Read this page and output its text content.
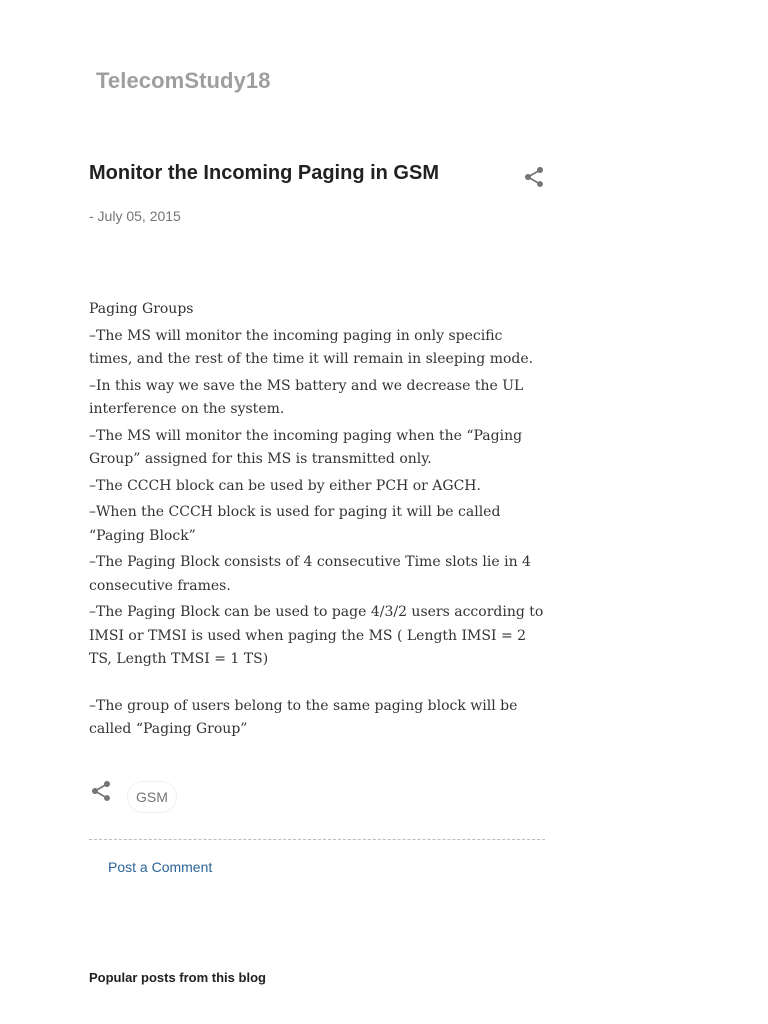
TelecomStudy18
Monitor the Incoming Paging in GSM
- July 05, 2015

Paging Groups

–The MS will monitor the incoming paging in only specific times, and the rest of the time it will remain in sleeping mode.

–In this way we save the MS battery and we decrease the UL interference on the system.

–The MS will monitor the incoming paging when the “Paging Group” assigned for this MS is transmitted only.

–The CCCH block can be used by either PCH or AGCH.

–When the CCCH block is used for paging it will be called “Paging Block”

–The Paging Block consists of 4 consecutive Time slots lie in 4 consecutive frames.

–The Paging Block can be used to page 4/3/2 users according to IMSI or TMSI is used when paging the MS ( Length IMSI = 2 TS, Length TMSI = 1 TS)

–The group of users belong to the same paging block will be called “Paging Group”

GSM
Post a Comment
Popular posts from this blog
